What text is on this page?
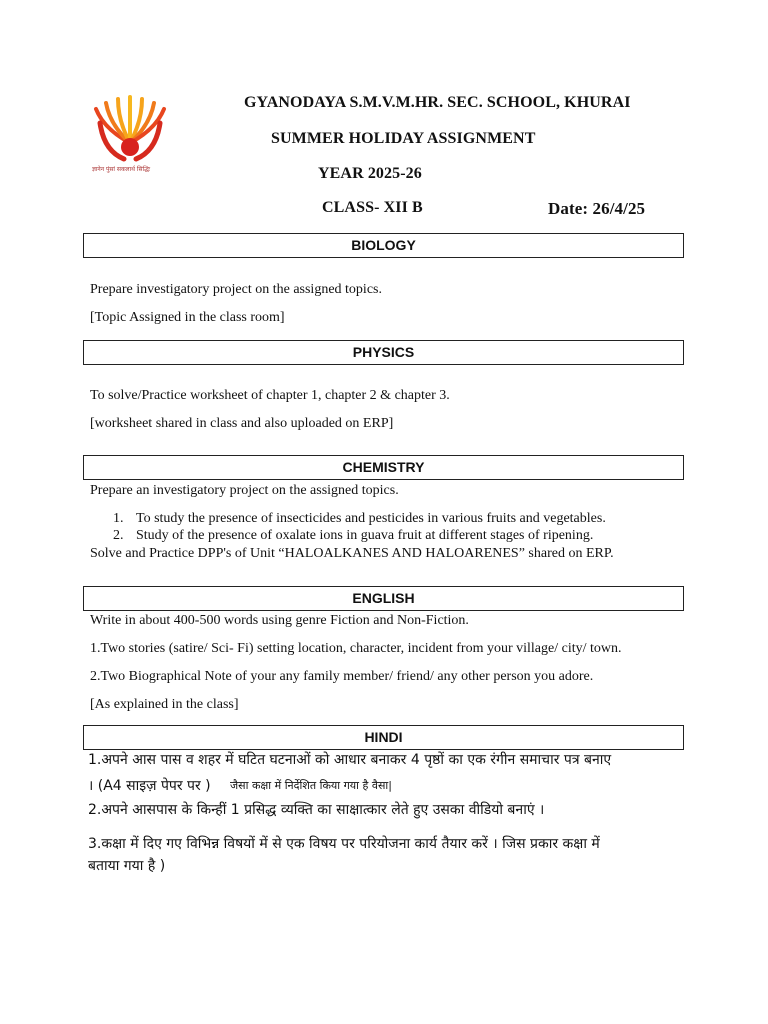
ज्ञानेन पुंसां सकलार्थ सिद्धिः
GYANODAYA S.M.V.M.HR. SEC. SCHOOL, KHURAI
SUMMER HOLIDAY ASSIGNMENT
YEAR 2025-26
CLASS- XII B	Date: 26/4/25
BIOLOGY
Prepare investigatory project on the assigned topics.
[Topic Assigned in the class room]
PHYSICS
To solve/Practice worksheet of chapter 1, chapter 2 & chapter 3.
[worksheet shared in class and also uploaded on ERP]
CHEMISTRY
Prepare an investigatory project on the assigned topics.
1. To study the presence of insecticides and pesticides in various fruits and vegetables.
2. Study of the presence of oxalate ions in guava fruit at different stages of ripening.
Solve and Practice DPP's of Unit “HALOALKANES AND HALOARENES” shared on ERP.
ENGLISH
Write in about 400-500 words using genre Fiction and Non-Fiction.
1.Two stories (satire/ Sci- Fi) setting location, character, incident from your village/ city/ town.
2.Two Biographical Note of your any family member/ friend/ any other person you adore.
[As explained in the class]
HINDI
1.अपने आस पास व शहर में घटित घटनाओं को आधार बनाकर 4 पृष्ठों का एक रंगीन समाचार पत्र बनाए
। (A4 साइज़ पेपर पर ) जैसा कक्षा में निर्देशित किया गया है वैसा|
2.अपने आसपास के किन्हीं 1 प्रसिद्ध व्यक्ति का साक्षात्कार लेते हुए उसका वीडियो बनाएं ।
3.कक्षा में दिए गए विभिन्न विषयों में से एक विषय पर परियोजना कार्य तैयार करें । जिस प्रकार कक्षा में
बताया गया है )
